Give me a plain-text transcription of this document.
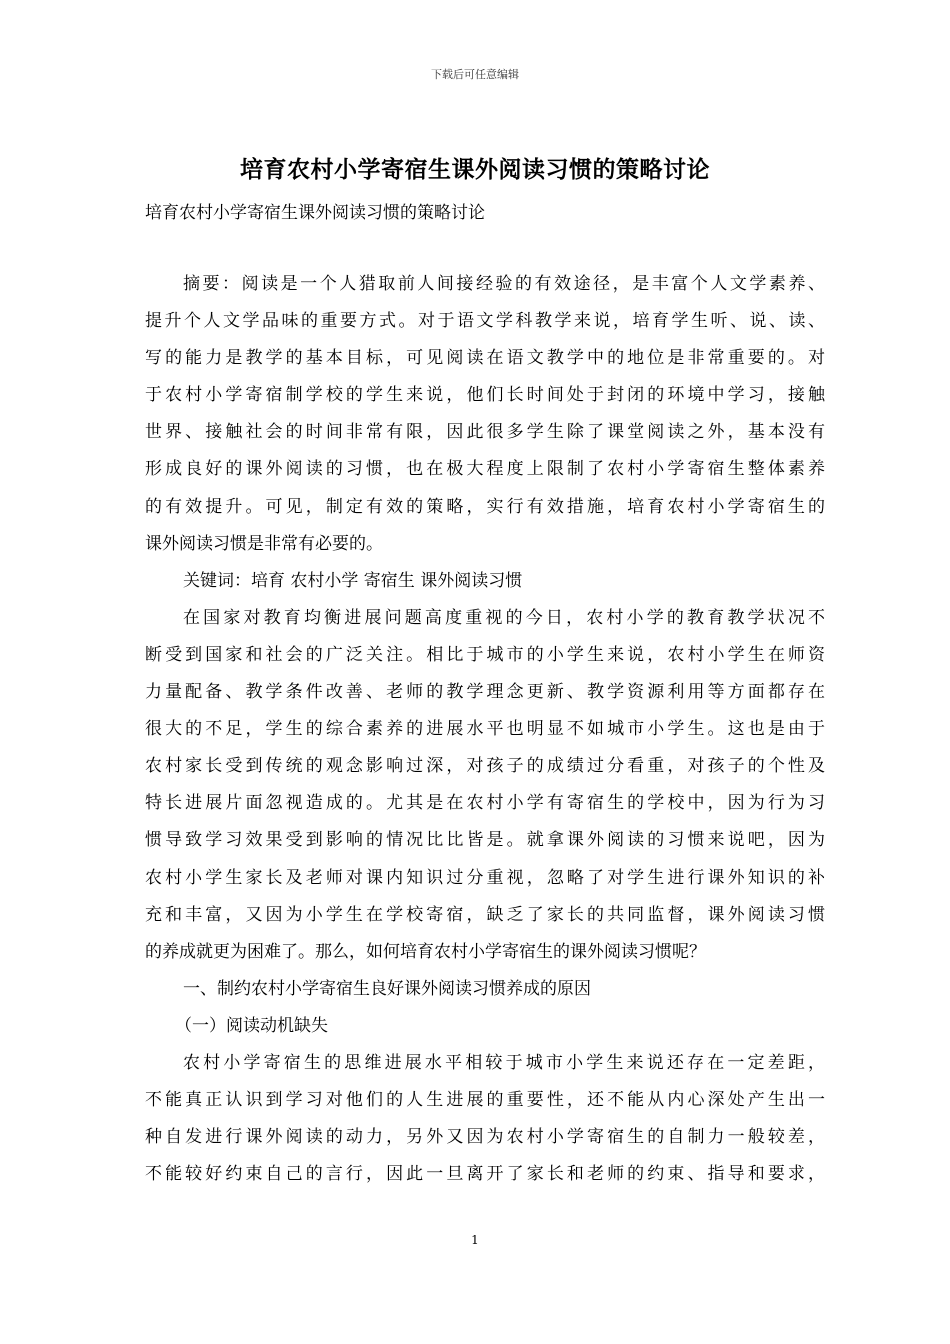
下载后可任意编辑
培育农村小学寄宿生课外阅读习惯的策略讨论
培育农村小学寄宿生课外阅读习惯的策略讨论
摘要：阅读是一个人猎取前人间接经验的有效途径，是丰富个人文学素养、
提升个人文学品味的重要方式。对于语文学科教学来说，培育学生听、说、读、
写的能力是教学的基本目标，可见阅读在语文教学中的地位是非常重要的。对
于农村小学寄宿制学校的学生来说，他们长时间处于封闭的环境中学习，接触
世界、接触社会的时间非常有限，因此很多学生除了课堂阅读之外，基本没有
形成良好的课外阅读的习惯，也在极大程度上限制了农村小学寄宿生整体素养
的有效提升。可见，制定有效的策略，实行有效措施，培育农村小学寄宿生的
课外阅读习惯是非常有必要的。
关键词：培育 农村小学 寄宿生 课外阅读习惯
在国家对教育均衡进展问题高度重视的今日，农村小学的教育教学状况不
断受到国家和社会的广泛关注。相比于城市的小学生来说，农村小学生在师资
力量配备、教学条件改善、老师的教学理念更新、教学资源利用等方面都存在
很大的不足，学生的综合素养的进展水平也明显不如城市小学生。这也是由于
农村家长受到传统的观念影响过深，对孩子的成绩过分看重，对孩子的个性及
特长进展片面忽视造成的。尤其是在农村小学有寄宿生的学校中，因为行为习
惯导致学习效果受到影响的情况比比皆是。就拿课外阅读的习惯来说吧，因为
农村小学生家长及老师对课内知识过分重视，忽略了对学生进行课外知识的补
充和丰富，又因为小学生在学校寄宿，缺乏了家长的共同监督，课外阅读习惯
的养成就更为困难了。那么，如何培育农村小学寄宿生的课外阅读习惯呢？
一、制约农村小学寄宿生良好课外阅读习惯养成的原因
（一）阅读动机缺失
农村小学寄宿生的思维进展水平相较于城市小学生来说还存在一定差距，
不能真正认识到学习对他们的人生进展的重要性，还不能从内心深处产生出一
种自发进行课外阅读的动力，另外又因为农村小学寄宿生的自制力一般较差，
不能较好约束自己的言行，因此一旦离开了家长和老师的约束、指导和要求，
1
